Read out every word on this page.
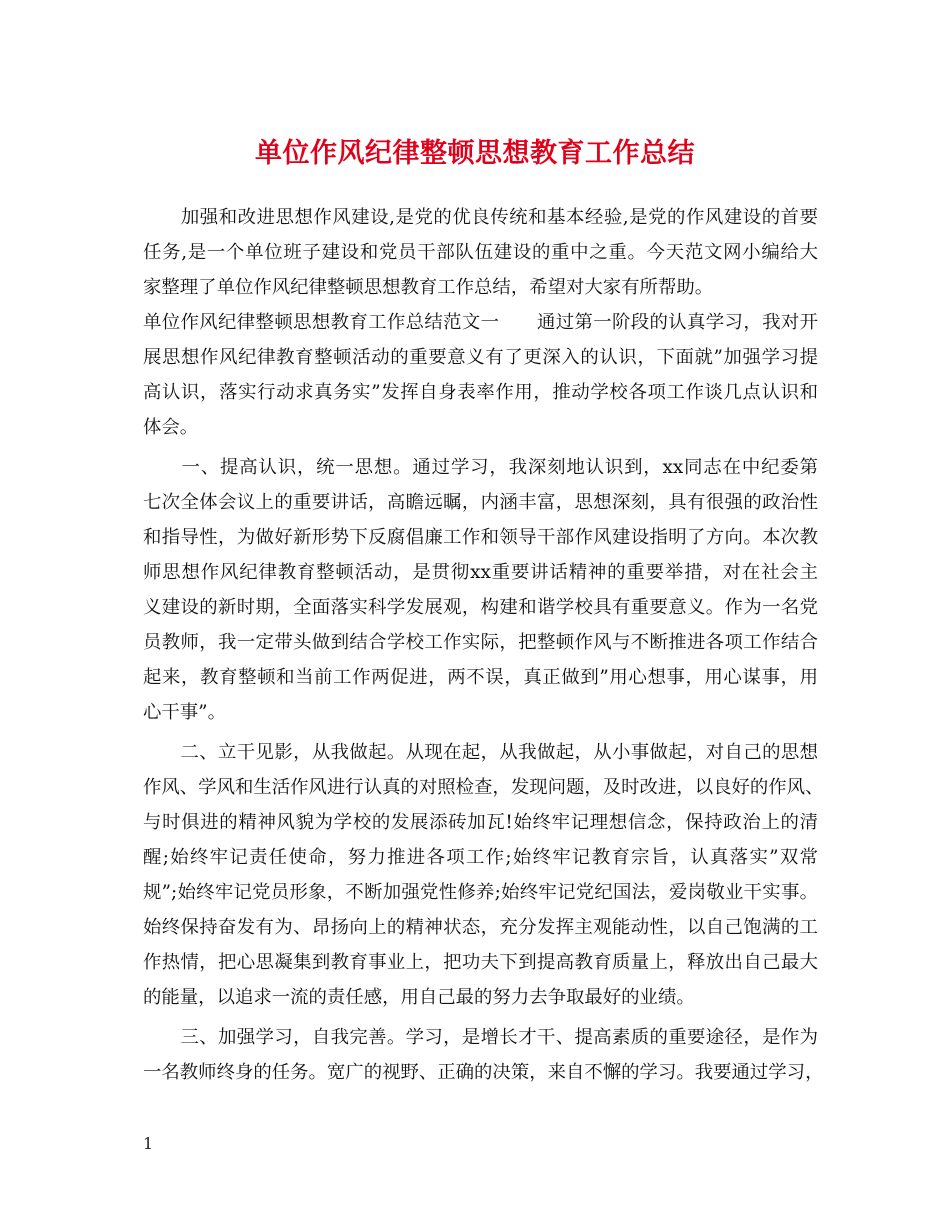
单位作风纪律整顿思想教育工作总结
　　加强和改进思想作风建设,是党的优良传统和基本经验,是党的作风建设的首要
任务,是一个单位班子建设和党员干部队伍建设的重中之重。今天范文网小编给大
家整理了单位作风纪律整顿思想教育工作总结，希望对大家有所帮助。
单位作风纪律整顿思想教育工作总结范文一　　通过第一阶段的认真学习，我对开
展思想作风纪律教育整顿活动的重要意义有了更深入的认识，下面就”加强学习提
高认识，落实行动求真务实”发挥自身表率作用，推动学校各项工作谈几点认识和
体会。
　　一、提高认识，统一思想。通过学习，我深刻地认识到，xx同志在中纪委第
七次全体会议上的重要讲话，高瞻远瞩，内涵丰富，思想深刻，具有很强的政治性
和指导性，为做好新形势下反腐倡廉工作和领导干部作风建设指明了方向。本次教
师思想作风纪律教育整顿活动，是贯彻xx重要讲话精神的重要举措，对在社会主
义建设的新时期，全面落实科学发展观，构建和谐学校具有重要意义。作为一名党
员教师，我一定带头做到结合学校工作实际，把整顿作风与不断推进各项工作结合
起来，教育整顿和当前工作两促进，两不误，真正做到”用心想事，用心谋事，用
心干事”。
　　二、立干见影，从我做起。从现在起，从我做起，从小事做起，对自己的思想
作风、学风和生活作风进行认真的对照检查，发现问题，及时改进，以良好的作风、
与时俱进的精神风貌为学校的发展添砖加瓦!始终牢记理想信念，保持政治上的清
醒;始终牢记责任使命，努力推进各项工作;始终牢记教育宗旨，认真落实”双常
规”;始终牢记党员形象，不断加强党性修养;始终牢记党纪国法，爱岗敬业干实事。
始终保持奋发有为、昂扬向上的精神状态，充分发挥主观能动性，以自己饱满的工
作热情，把心思凝集到教育事业上，把功夫下到提高教育质量上，释放出自己最大
的能量，以追求一流的责任感，用自己最的努力去争取最好的业绩。
　　三、加强学习，自我完善。学习，是增长才干、提高素质的重要途径，是作为
一名教师终身的任务。宽广的视野、正确的决策，来自不懈的学习。我要通过学习，
1
